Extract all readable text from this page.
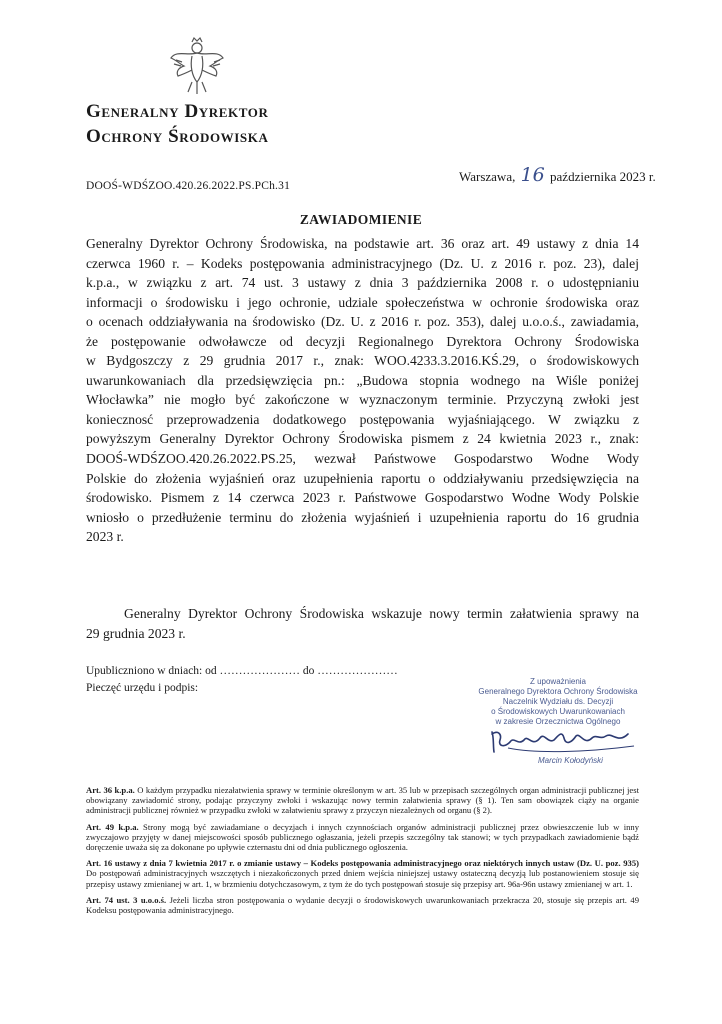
Generalny Dyrektor
Ochrony Środowiska
Warszawa, 16 października 2023 r.
DOOŚ-WDŚZOO.420.26.2022.PS.PCh.31
ZAWIADOMIENIE
Generalny Dyrektor Ochrony Środowiska, na podstawie art. 36 oraz art. 49 ustawy z dnia 14
czerwca 1960 r. – Kodeks postępowania administracyjnego (Dz. U. z 2016 r. poz. 23), dalej
k.p.a., w związku z art. 74 ust. 3 ustawy z dnia 3 października 2008 r. o udostępnianiu
informacji o środowisku i jego ochronie, udziale społeczeństwa w ochronie środowiska oraz
o ocenach oddziaływania na środowisko (Dz. U. z 2016 r. poz. 353), dalej u.o.o.ś., zawiadamia,
że postępowanie odwoławcze od decyzji Regionalnego Dyrektora Ochrony Środowiska
w Bydgoszczy z 29 grudnia 2017 r., znak: WOO.4233.3.2016.KŚ.29, o środowiskowych
uwarunkowaniach dla przedsięwzięcia pn.: „Budowa stopnia wodnego na Wiśle poniżej
Włocławka” nie mogło być zakończone w wyznaczonym terminie. Przyczyną zwłoki jest
koniecznosć przeprowadzenia dodatkowego postępowania wyjaśniającego. W związku z
powyższym Generalny Dyrektor Ochrony Środowiska pismem z 24 kwietnia 2023 r., znak:
DOOŚ-WDŚZOO.420.26.2022.PS.25, wezwał Państwowe Gospodarstwo Wodne Wody
Polskie do złożenia wyjaśnień oraz uzupełnienia raportu o oddziaływaniu przedsięwzięcia na
środowisko. Pismem z 14 czerwca 2023 r. Państwowe Gospodarstwo Wodne Wody Polskie
wniosło o przedłużenie terminu do złożenia wyjaśnień i uzupełnienia raportu do 16 grudnia
2023 r.
Generalny Dyrektor Ochrony Środowiska wskazuje nowy termin załatwienia sprawy na
29 grudnia 2023 r.
Upubliczniono w dniach: od ………………… do …………………
Pieczęć urzędu i podpis:
Z upoważnienia
Generalnego Dyrektora Ochrony Środowiska
Naczelnik Wydziału ds. Decyzji
o Środowiskowych Uwarunkowaniach
w zakresie Orzecznictwa Ogólnego
Marcin Kołodyński

Art. 36 k.p.a. O każdym przypadku niezałatwienia sprawy w terminie określonym w art. 35 lub w przepisach szczególnych organ administracji publicznej jest obowiązany zawiadomić strony, podając przyczyny zwłoki i wskazując nowy termin załatwienia sprawy (§ 1). Ten sam obowiązek ciąży na organie administracji publicznej również w przypadku zwłoki w załatwieniu sprawy z przyczyn niezależnych od organu (§ 2).

Art. 49 k.p.a. Strony mogą być zawiadamiane o decyzjach i innych czynnościach organów administracji publicznej przez obwieszczenie lub w inny zwyczajowo przyjęty w danej miejscowości sposób publicznego ogłaszania, jeżeli przepis szczególny tak stanowi; w tych przypadkach zawiadomienie bądź doręczenie uważa się za dokonane po upływie czternastu dni od dnia publicznego ogłoszenia.

Art. 16 ustawy z dnia 7 kwietnia 2017 r. o zmianie ustawy – Kodeks postępowania administracyjnego oraz niektórych innych ustaw (Dz. U. poz. 935) Do postępowań administracyjnych wszczętych i niezakończonych przed dniem wejścia niniejszej ustawy ostateczną decyzją lub postanowieniem stosuje się przepisy ustawy zmienianej w art. 1, w brzmieniu dotychczasowym, z tym że do tych postępowań stosuje się przepisy art. 96a-96n ustawy zmienianej w art. 1.

Art. 74 ust. 3 u.o.o.ś. Jeżeli liczba stron postępowania o wydanie decyzji o środowiskowych uwarunkowaniach przekracza 20, stosuje się przepis art. 49 Kodeksu postępowania administracyjnego.
